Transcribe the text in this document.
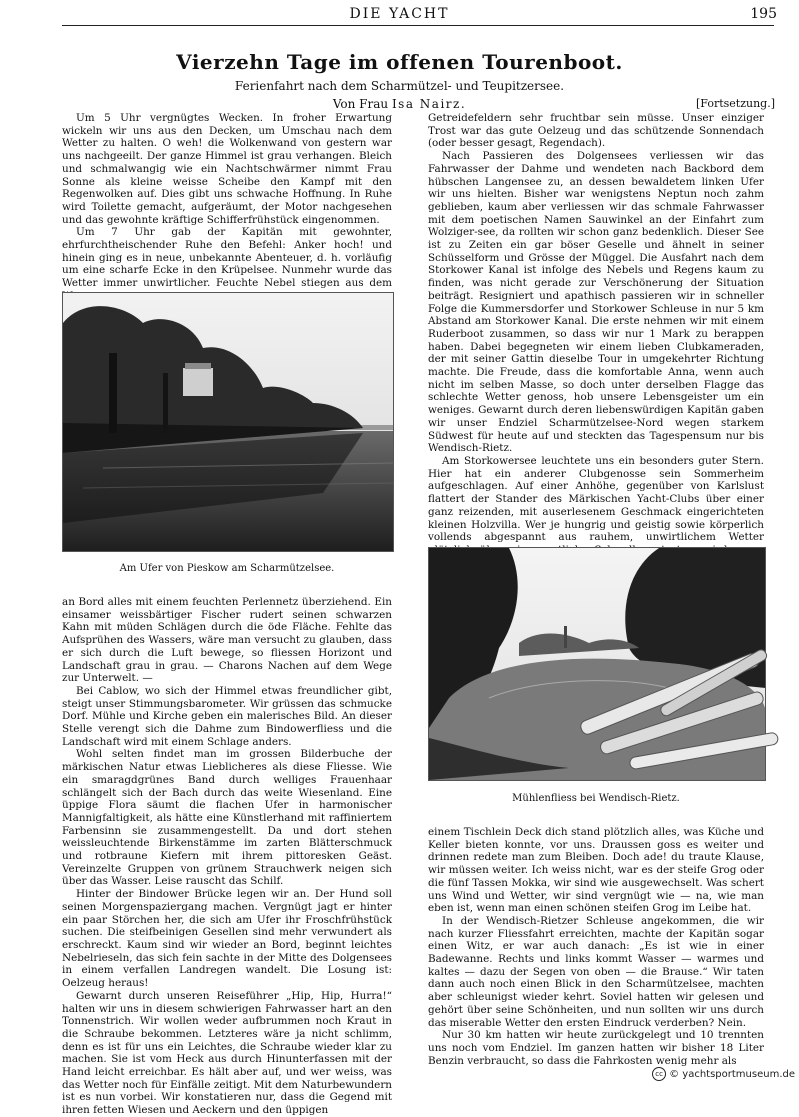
DIE YACHT	195
Vierzehn Tage im offenen Tourenboot.
Ferienfahrt nach dem Scharmützel- und Teupitzersee.
Von Frau Isa Nairz.	[Fortsetzung.]

Um 5 Uhr vergnügtes Wecken. In froher Erwartung wickeln wir uns aus den Decken, um Umschau nach dem Wetter zu halten. O weh! die Wolkenwand von gestern war uns nachgeeilt. Der ganze Himmel ist grau verhangen. Bleich und schmalwangig wie ein Nachtschwärmer nimmt Frau Sonne als kleine weisse Scheibe den Kampf mit den Regenwolken auf. Dies gibt uns schwache Hoffnung. In Ruhe wird Toilette gemacht, aufgeräumt, der Motor nachgesehen und das gewohnte kräftige Schifferfrühstück eingenommen.

Um 7 Uhr gab der Kapitän mit gewohnter, ehrfurchtheischender Ruhe den Befehl: Anker hoch! und hinein ging es in neue, unbekannte Abenteuer, d. h. vorläufig um eine scharfe Ecke in den Krüpelsee. Nunmehr wurde das Wetter immer unwirtlicher. Feuchte Nebel stiegen aus dem

Am Ufer von Pieskow am Scharmützelsee.

an Bord alles mit einem feuchten Perlennetz überziehend. Ein einsamer weissbärtiger Fischer rudert seinen schwarzen Kahn mit müden Schlägen durch die öde Fläche. Fehlte das Aufsprühen des Wassers, wäre man versucht zu glauben, dass er sich durch die Luft bewege, so fliessen Horizont und Landschaft grau in grau. — Charons Nachen auf dem Wege zur Unterwelt. —

Bei Cablow, wo sich der Himmel etwas freundlicher gibt, steigt unser Stimmungsbarometer. Wir grüssen das schmucke Dorf. Mühle und Kirche geben ein malerisches Bild. An dieser Stelle verengt sich die Dahme zum Bindowerfliess und die Landschaft wird mit einem Schlage anders.

Wohl selten findet man im grossen Bilderbuche der märkischen Natur etwas Lieblicheres als diese Fliesse. Wie ein smaragdgrünes Band durch welliges Frauenhaar schlängelt sich der Bach durch das weite Wiesenland. Eine üppige Flora säumt die flachen Ufer in harmonischer Mannigfaltigkeit, als hätte eine Künstlerhand mit raffiniertem Farbensinn sie zusammengestellt. Da und dort stehen weissleuchtende Birkenstämme im zarten Blätterschmuck und rotbraune Kiefern mit ihrem pittoresken Geäst. Vereinzelte Gruppen von grünem Strauchwerk neigen sich über das Wasser. Leise rauscht das Schilf.

Hinter der Bindower Brücke legen wir an. Der Hund soll seinen Morgenspaziergang machen. Vergnügt jagt er hinter ein paar Störchen her, die sich am Ufer ihr Froschfrühstück suchen. Die steifbeinigen Gesellen sind mehr verwundert als erschreckt. Kaum sind wir wieder an Bord, beginnt leichtes Nebelrieseln, das sich fein sachte in der Mitte des Dolgensees in einem verfallen Landregen wandelt. Die Losung ist: Oelzeug heraus!

Gewarnt durch unseren Reiseführer „Hip, Hip, Hurra!“ halten wir uns in diesem schwierigen Fahrwasser hart an den Tonnenstrich. Wir wollen weder aufbrummen noch Kraut in die Schraube bekommen. Letzteres wäre ja nicht schlimm, denn es ist für uns ein Leichtes, die Schraube wieder klar zu machen. Sie ist vom Heck aus durch Hinunterfassen mit der Hand leicht erreichbar. Es hält aber auf, und wer weiss, was das Wetter noch für Einfälle zeitigt. Mit dem Naturbewundern ist es nun vorbei. Wir konstatieren nur, dass die Gegend mit ihren fetten Wiesen und Aeckern und den üppigen

Getreidefeldern sehr fruchtbar sein müsse. Unser einziger Trost war das gute Oelzeug und das schützende Sonnendach (oder besser gesagt, Regendach).

Nach Passieren des Dolgensees verliessen wir das Fahrwasser der Dahme und wendeten nach Backbord dem hübschen Langensee zu, an dessen bewaldetem linken Ufer wir uns hielten. Bisher war wenigstens Neptun noch zahm geblieben, kaum aber verliessen wir das schmale Fahrwasser mit dem poetischen Namen Sauwinkel an der Einfahrt zum Wolziger-see, da rollten wir schon ganz bedenklich. Dieser See ist zu Zeiten ein gar böser Geselle und ähnelt in seiner Schüsselform und Grösse der Müggel. Die Ausfahrt nach dem Storkower Kanal ist infolge des Nebels und Regens kaum zu finden, was nicht gerade zur Verschönerung der Situation beiträgt. Resigniert und apathisch passieren wir in schneller Folge die Kummersdorfer und Storkower Schleuse in nur 5 km Abstand am Storkower Kanal. Die erste nehmen wir mit einem Ruderboot zusammen, so dass wir nur 1 Mark zu berappen haben. Dabei begegneten wir einem lieben Clubkameraden, der mit seiner Gattin dieselbe Tour in umgekehrter Richtung machte. Die Freude, dass die komfortable Anna, wenn auch nicht im selben Masse, so doch unter derselben Flagge das schlechte Wetter genoss, hob unsere Lebensgeister um ein weniges. Gewarnt durch deren liebenswürdigen Kapitän gaben wir unser Endziel Scharmützelsee-Nord wegen starkem Südwest für heute auf und steckten das Tagespensum nur bis Wendisch-Rietz.

Am Storkowersee leuchtete uns ein besonders guter Stern. Hier hat ein anderer Clubgenosse sein Sommerheim aufgeschlagen. Auf einer Anhöhe, gegenüber von Karlslust flattert der Stander des Märkischen Yacht-Clubs über einer ganz reizenden, mit auserlesenem Geschmack eingerichteten kleinen Holzvilla. Wer je hungrig und geistig sowie körperlich vollends abgespannt aus rauhem, unwirtlichem Wetter

Mühlenfliess bei Wendisch-Rietz.

einem Tischlein Deck dich stand plötzlich alles, was Küche und Keller bieten konnte, vor uns. Draussen goss es weiter und drinnen redete man zum Bleiben. Doch ade! du traute Klause, wir müssen weiter. Ich weiss nicht, war es der steife Grog oder die fünf Tassen Mokka, wir sind wie ausgewechselt. Was schert uns Wind und Wetter, wir sind vergnügt wie — na, wie man eben ist, wenn man einen schönen steifen Grog im Leibe hat.

In der Wendisch-Rietzer Schleuse angekommen, die wir nach kurzer Fliessfahrt erreichten, machte der Kapitän sogar einen Witz, er war auch danach: „Es ist wie in einer Badewanne. Rechts und links kommt Wasser — warmes und kaltes — dazu der Segen von oben — die Brause.“ Wir taten dann auch noch einen Blick in den Scharmützelsee, machten aber schleunigst wieder kehrt. Soviel hatten wir gelesen und gehört über seine Schönheiten, und nun sollten wir uns durch das miserable Wetter den ersten Eindruck verderben? Nein.

Nur 30 km hatten wir heute zurückgelegt und 10 trennten uns noch vom Endziel. Im ganzen hatten wir bisher 18 Liter Benzin verbraucht, so dass die Fahrkosten wenig mehr als

cc © yachtsportmuseum.de
